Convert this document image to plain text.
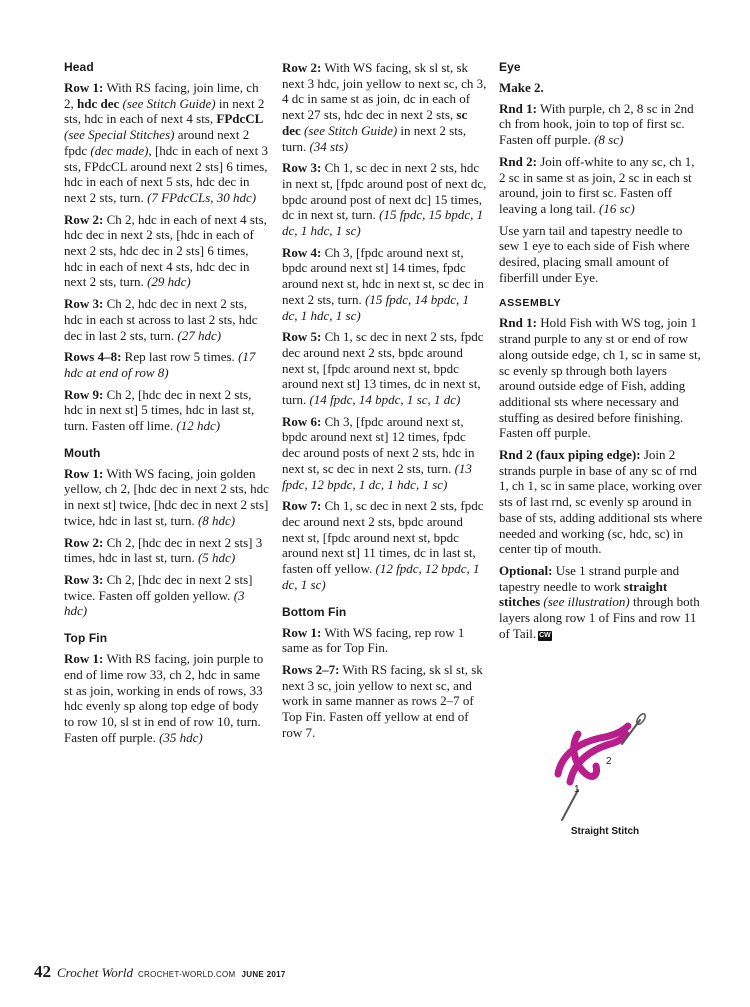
Head

Row 1: With RS facing, join lime, ch 2, hdc dec (see Stitch Guide) in next 2 sts, hdc in each of next 4 sts, FPdcCL (see Special Stitches) around next 2 fpdc (dec made), [hdc in each of next 3 sts, FPdcCL around next 2 sts] 6 times, hdc in each of next 5 sts, hdc dec in next 2 sts, turn. (7 FPdcCLs, 30 hdc)

Row 2: Ch 2, hdc in each of next 4 sts, hdc dec in next 2 sts, [hdc in each of next 2 sts, hdc dec in 2 sts] 6 times, hdc in each of next 4 sts, hdc dec in next 2 sts, turn. (29 hdc)

Row 3: Ch 2, hdc dec in next 2 sts, hdc in each st across to last 2 sts, hdc dec in last 2 sts, turn. (27 hdc)

Rows 4–8: Rep last row 5 times. (17 hdc at end of row 8)

Row 9: Ch 2, [hdc dec in next 2 sts, hdc in next st] 5 times, hdc in last st, turn. Fasten off lime. (12 hdc)

Mouth

Row 1: With WS facing, join golden yellow, ch 2, [hdc dec in next 2 sts, hdc in next st] twice, [hdc dec in next 2 sts] twice, hdc in last st, turn. (8 hdc)

Row 2: Ch 2, [hdc dec in next 2 sts] 3 times, hdc in last st, turn. (5 hdc)

Row 3: Ch 2, [hdc dec in next 2 sts] twice. Fasten off golden yellow. (3 hdc)

Top Fin

Row 1: With RS facing, join purple to end of lime row 33, ch 2, hdc in same st as join, working in ends of rows, 33 hdc evenly sp along top edge of body to row 10, sl st in end of row 10, turn. Fasten off purple. (35 hdc)

Row 2: With WS facing, sk sl st, sk next 3 hdc, join yellow to next sc, ch 3, 4 dc in same st as join, dc in each of next 27 sts, hdc dec in next 2 sts, sc dec (see Stitch Guide) in next 2 sts, turn. (34 sts)

Row 3: Ch 1, sc dec in next 2 sts, hdc in next st, [fpdc around post of next dc, bpdc around post of next dc] 15 times, dc in next st, turn. (15 fpdc, 15 bpdc, 1 dc, 1 hdc, 1 sc)

Row 4: Ch 3, [fpdc around next st, bpdc around next st] 14 times, fpdc around next st, hdc in next st, sc dec in next 2 sts, turn. (15 fpdc, 14 bpdc, 1 dc, 1 hdc, 1 sc)

Row 5: Ch 1, sc dec in next 2 sts, fpdc dec around next 2 sts, bpdc around next st, [fpdc around next st, bpdc around next st] 13 times, dc in next st, turn. (14 fpdc, 14 bpdc, 1 sc, 1 dc)

Row 6: Ch 3, [fpdc around next st, bpdc around next st] 12 times, fpdc dec around posts of next 2 sts, hdc in next st, sc dec in next 2 sts, turn. (13 fpdc, 12 bpdc, 1 dc, 1 hdc, 1 sc)

Row 7: Ch 1, sc dec in next 2 sts, fpdc dec around next 2 sts, bpdc around next st, [fpdc around next st, bpdc around next st] 11 times, dc in last st, fasten off yellow. (12 fpdc, 12 bpdc, 1 dc, 1 sc)

Bottom Fin

Row 1: With WS facing, rep row 1 same as for Top Fin.

Rows 2–7: With RS facing, sk sl st, sk next 3 sc, join yellow to next sc, and work in same manner as rows 2–7 of Top Fin. Fasten off yellow at end of row 7.

Eye

Make 2.

Rnd 1: With purple, ch 2, 8 sc in 2nd ch from hook, join to top of first sc. Fasten off purple. (8 sc)

Rnd 2: Join off-white to any sc, ch 1, 2 sc in same st as join, 2 sc in each st around, join to first sc. Fasten off leaving a long tail. (16 sc)

Use yarn tail and tapestry needle to sew 1 eye to each side of Fish where desired, placing small amount of fiberfill under Eye.

ASSEMBLY

Rnd 1: Hold Fish with WS tog, join 1 strand purple to any st or end of row along outside edge, ch 1, sc in same st, sc evenly sp through both layers around outside edge of Fish, adding additional sts where necessary and stuffing as desired before finishing. Fasten off purple.

Rnd 2 (faux piping edge): Join 2 strands purple in base of any sc of rnd 1, ch 1, sc in same place, working over sts of last rnd, sc evenly sp around in base of sts, adding additional sts where needed and working (sc, hdc, sc) in center tip of mouth.

Optional: Use 1 strand purple and tapestry needle to work straight stitches (see illustration) through both layers along row 1 of Fins and row 11 of Tail. CW

2
1
Straight Stitch
42 Crochet World CROCHET-WORLD.COM JUNE 2017
